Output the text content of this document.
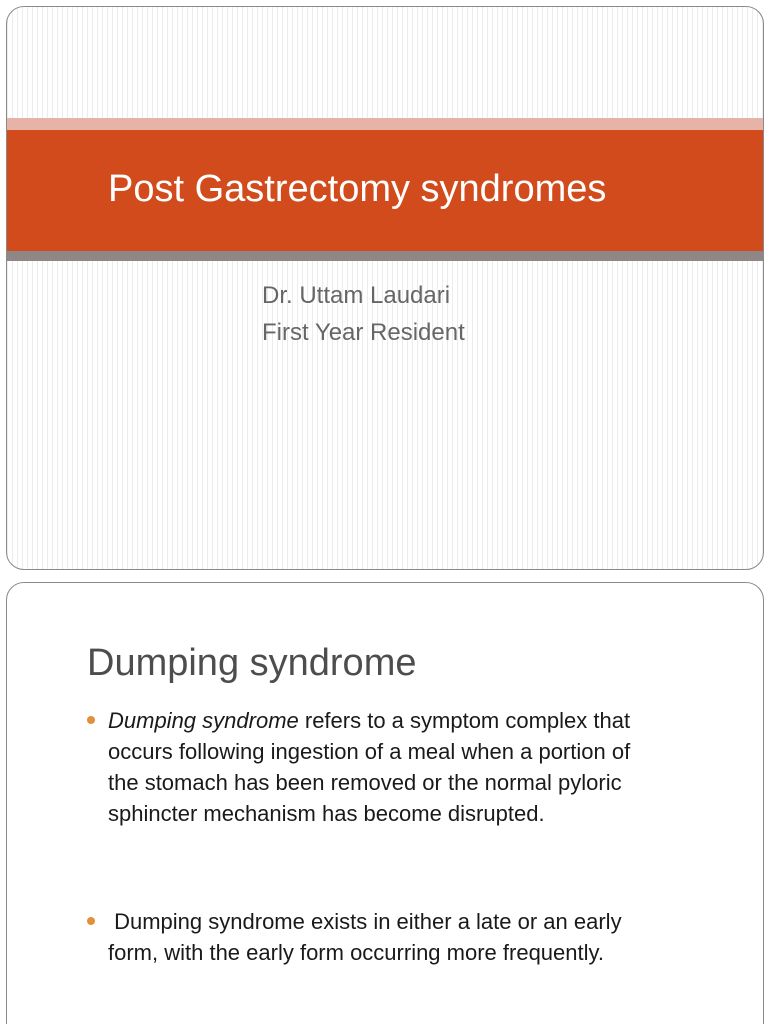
Post Gastrectomy syndromes
Dr. Uttam Laudari
First Year Resident
Dumping syndrome
Dumping syndrome refers to a symptom complex that
occurs following ingestion of a meal when a portion of
the stomach has been removed or the normal pyloric
sphincter mechanism has become disrupted.
Dumping syndrome exists in either a late or an early
form, with the early form occurring more frequently.
